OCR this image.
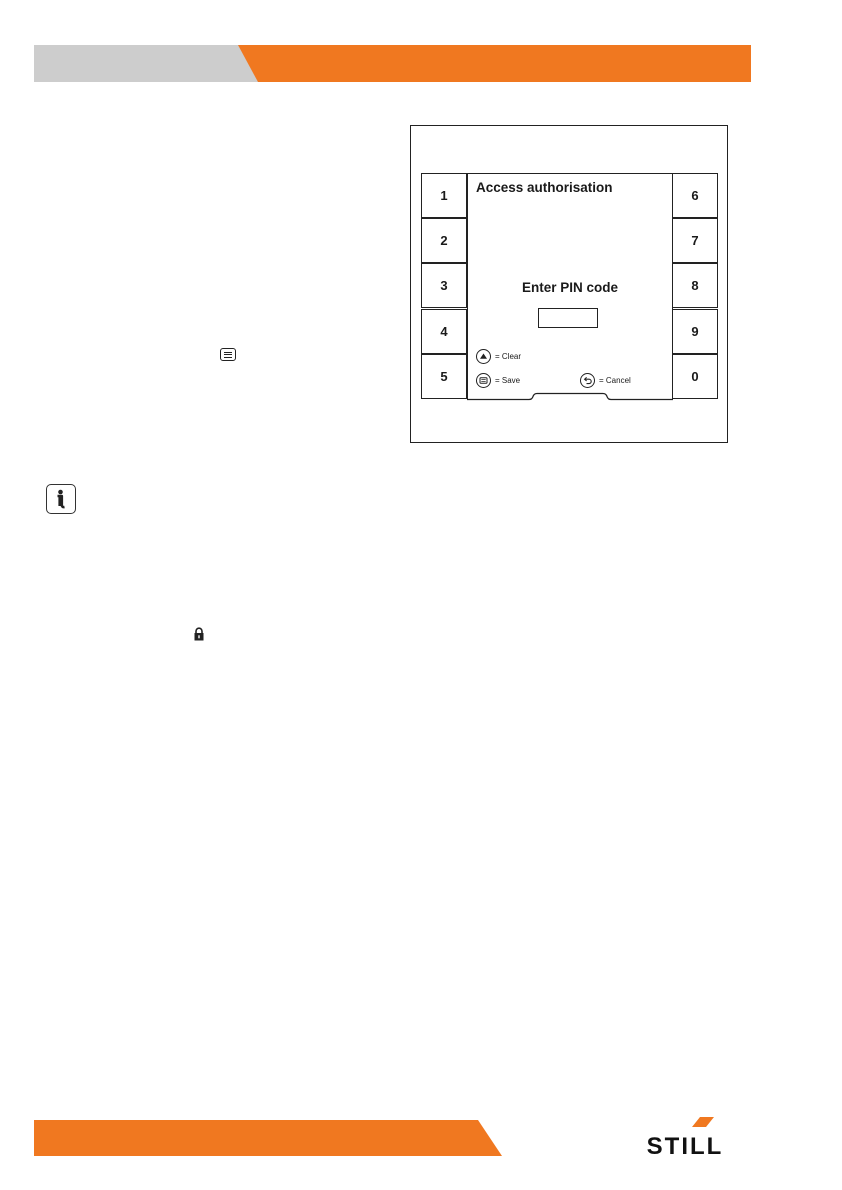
1
2
3
4
5
6
7
8
9
0
Access authorisation
Enter PIN code
= Clear
= Save	= Cancel
STILL
